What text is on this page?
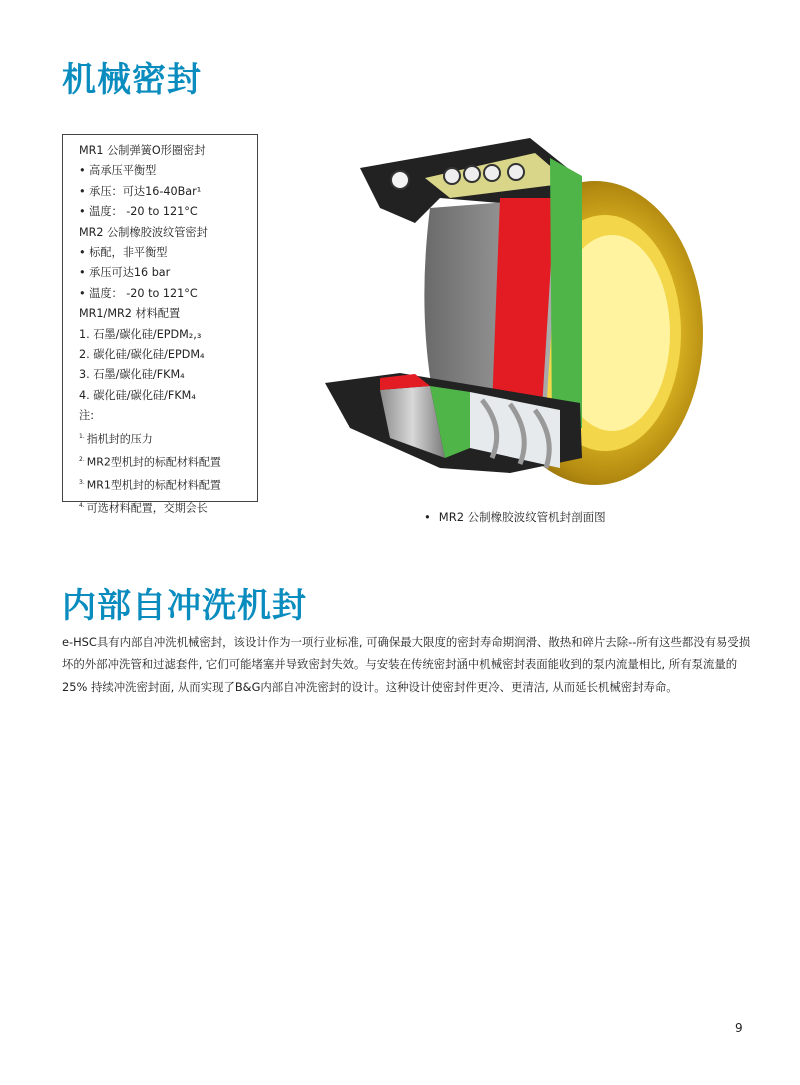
机械密封
MR1 公制弹簧O形圈密封
• 高承压平衡型
• 承压：可达16-40Bar¹
• 温度： -20 to 121°C
MR2 公制橡胶波纹管密封
• 标配，非平衡型
• 承压可达16 bar
• 温度： -20 to 121°C
MR1/MR2 材料配置
1. 石墨/碳化硅/EPDM₂,₃
2. 碳化硅/碳化硅/EPDM₄
3. 石墨/碳化硅/FKM₄
4. 碳化硅/碳化硅/FKM₄
注:
$^{1.}$ 指机封的压力
$^{2.}$ MR2型机封的标配材料配置
$^{3.}$ MR1型机封的标配材料配置
$^{4.}$ 可选材料配置，交期会长
• MR2 公制橡胶波纹管机封剖面图
内部自冲洗机封

e-HSC具有内部自冲洗机械密封，该设计作为一项行业标准, 可确保最大限度的密封寿命期润滑、散热和碎片去除--所有这些都没有易受损坏的外部冲洗管和过滤套件, 它们可能堵塞并导致密封失效。与安装在传统密封涵中机械密封表面能收到的泵内流量相比, 所有泵流量的25% 持续冲洗密封面, 从而实现了B&G内部自冲洗密封的设计。这种设计使密封件更冷、更清洁, 从而延长机械密封寿命。

9
